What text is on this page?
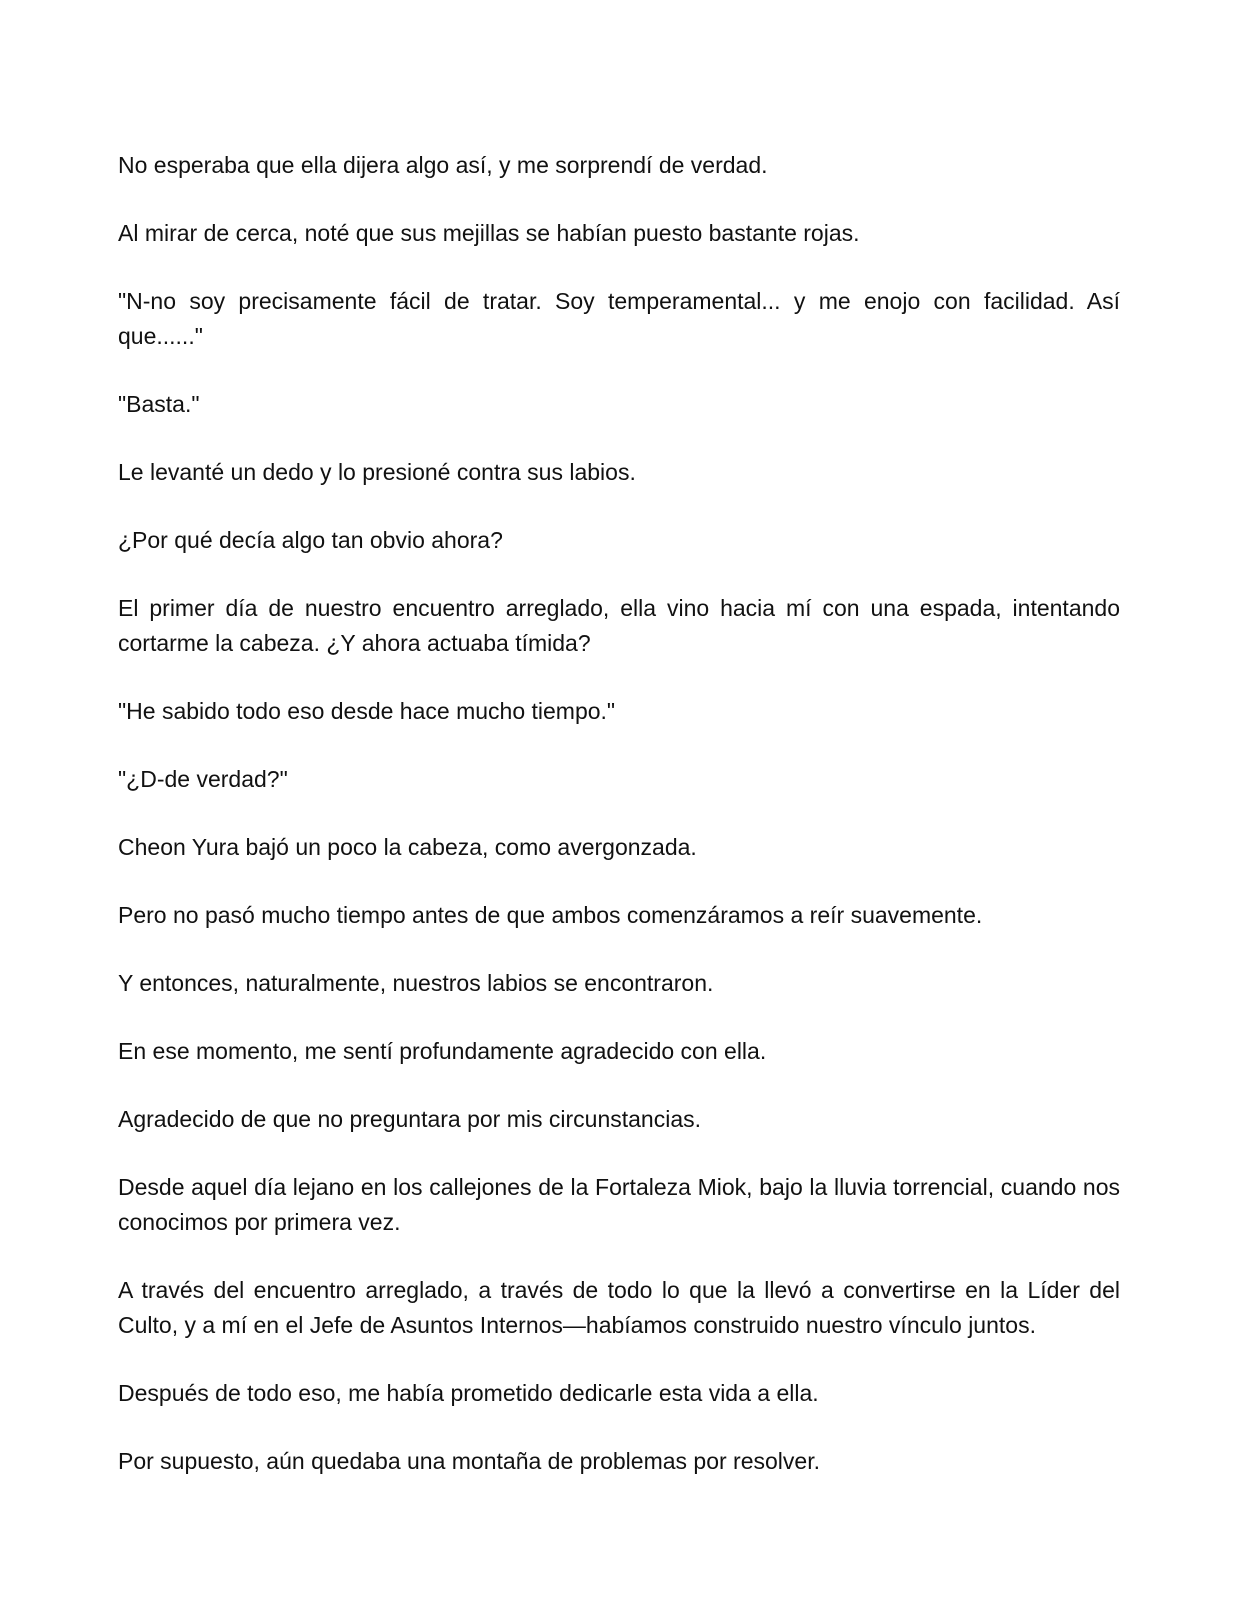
No esperaba que ella dijera algo así, y me sorprendí de verdad.

Al mirar de cerca, noté que sus mejillas se habían puesto bastante rojas.

"N-no soy precisamente fácil de tratar. Soy temperamental... y me enojo con facilidad. Así que......"

"Basta."

Le levanté un dedo y lo presioné contra sus labios.

¿Por qué decía algo tan obvio ahora?

El primer día de nuestro encuentro arreglado, ella vino hacia mí con una espada, intentando cortarme la cabeza. ¿Y ahora actuaba tímida?

"He sabido todo eso desde hace mucho tiempo."

"¿D-de verdad?"

Cheon Yura bajó un poco la cabeza, como avergonzada.

Pero no pasó mucho tiempo antes de que ambos comenzáramos a reír suavemente.

Y entonces, naturalmente, nuestros labios se encontraron.

En ese momento, me sentí profundamente agradecido con ella.

Agradecido de que no preguntara por mis circunstancias.

Desde aquel día lejano en los callejones de la Fortaleza Miok, bajo la lluvia torrencial, cuando nos conocimos por primera vez.

A través del encuentro arreglado, a través de todo lo que la llevó a convertirse en la Líder del Culto, y a mí en el Jefe de Asuntos Internos—habíamos construido nuestro vínculo juntos.

Después de todo eso, me había prometido dedicarle esta vida a ella.

Por supuesto, aún quedaba una montaña de problemas por resolver.
